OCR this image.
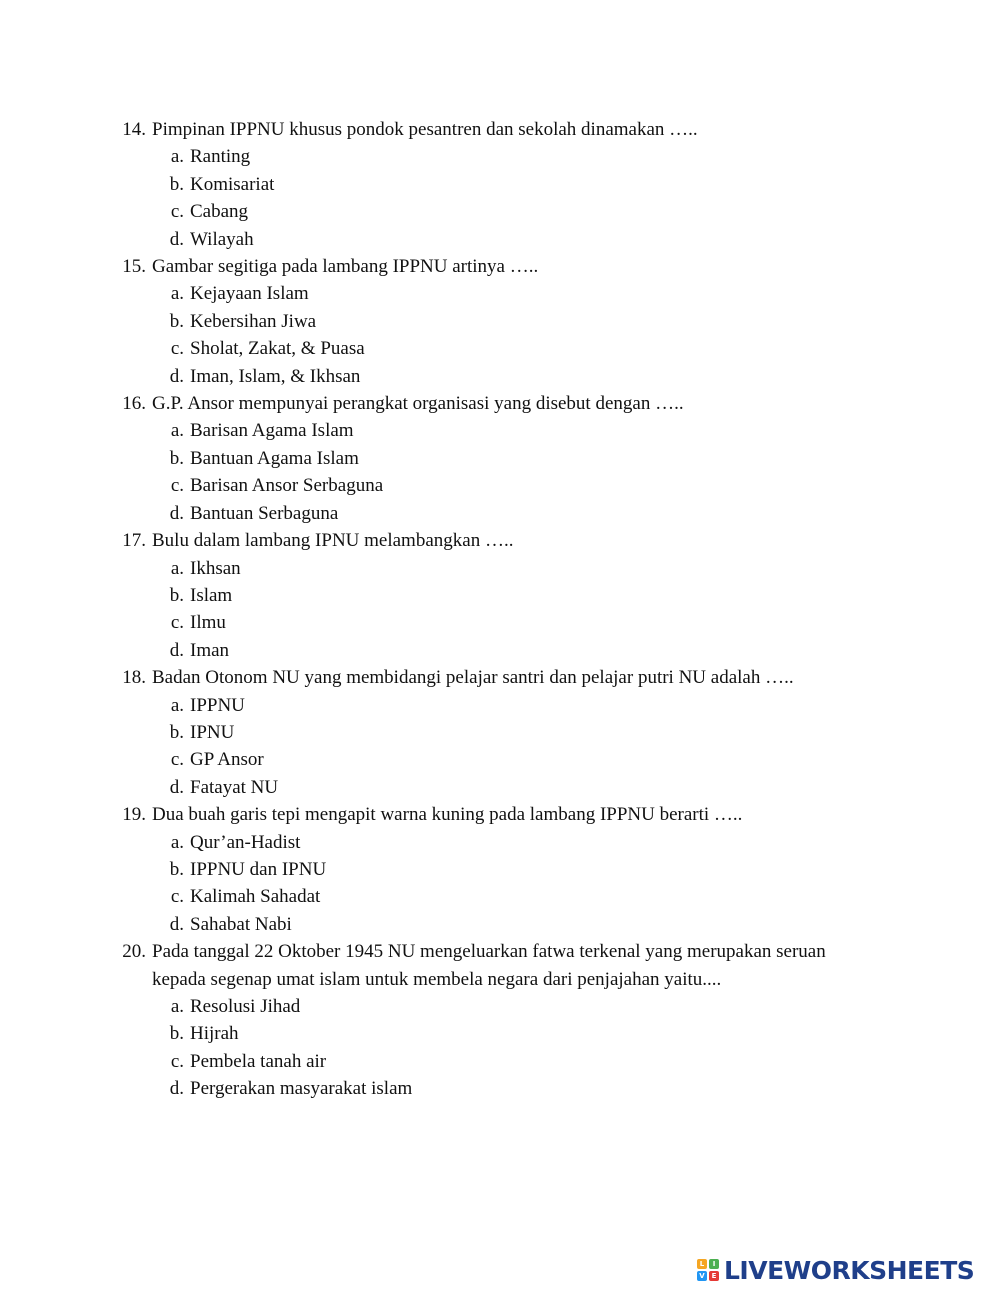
14. Pimpinan IPPNU khusus pondok pesantren dan sekolah dinamakan …..
a. Ranting
b. Komisariat
c. Cabang
d. Wilayah
15. Gambar segitiga pada lambang IPPNU artinya …..
a. Kejayaan Islam
b. Kebersihan Jiwa
c. Sholat, Zakat, & Puasa
d. Iman, Islam, & Ikhsan
16. G.P. Ansor mempunyai perangkat organisasi yang disebut dengan …..
a. Barisan Agama Islam
b. Bantuan Agama Islam
c. Barisan Ansor Serbaguna
d. Bantuan Serbaguna
17. Bulu dalam lambang IPNU melambangkan …..
a. Ikhsan
b. Islam
c. Ilmu
d. Iman
18. Badan Otonom NU yang membidangi pelajar santri dan pelajar putri NU adalah …..
a. IPPNU
b. IPNU
c. GP Ansor
d. Fatayat NU
19. Dua buah garis tepi mengapit warna kuning pada lambang IPPNU berarti …..
a. Qur’an-Hadist
b. IPPNU dan IPNU
c. Kalimah Sahadat
d. Sahabat Nabi
20. Pada tanggal 22 Oktober 1945 NU mengeluarkan fatwa terkenal yang merupakan seruan kepada segenap umat islam untuk membela negara dari penjajahan yaitu....
a. Resolusi Jihad
b. Hijrah
c. Pembela tanah air
d. Pergerakan masyarakat islam
L	I
V E LIVEWORKSHEETS
